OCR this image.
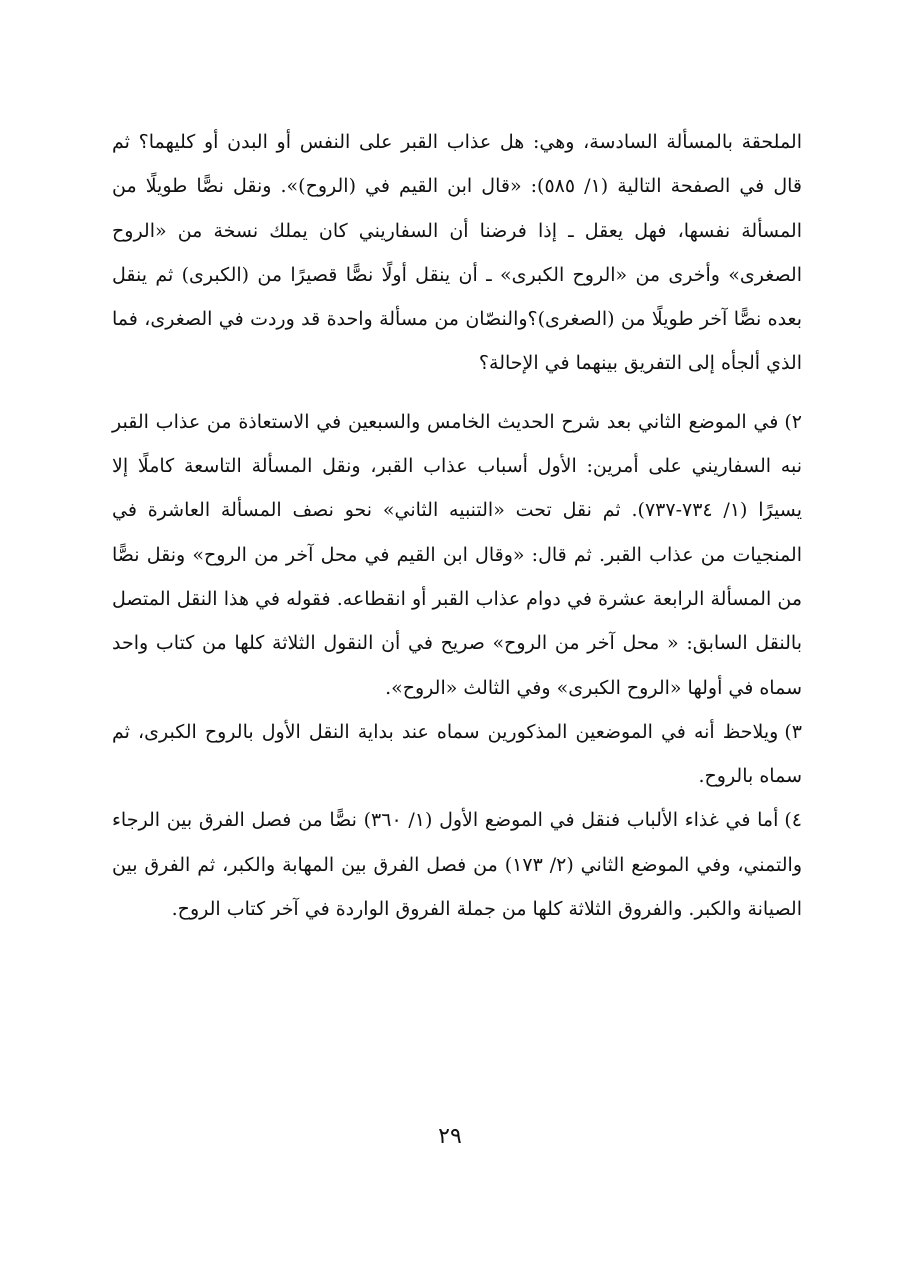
الملحقة بالمسألة السادسة، وهي: هل عذاب القبر على النفس أو البدن أو كليهما؟ ثم قال في الصفحة التالية (١/ ٥٨٥): «قال ابن القيم في (الروح)». ونقل نصًّا طويلًا من المسألة نفسها، فهل يعقل ـ إذا فرضنا أن السفاريني كان يملك نسخة من «الروح الصغرى» وأخرى من «الروح الكبرى» ـ أن ينقل أولًا نصًّا قصيرًا من (الكبرى) ثم ينقل بعده نصًّا آخر طويلًا من (الصغرى)؟والنصّان من مسألة واحدة قد وردت في الصغرى، فما الذي ألجأه إلى التفريق بينهما في الإحالة؟

٢)في الموضع الثاني بعد شرح الحديث الخامس والسبعين في الاستعاذة من عذاب القبر نبه السفاريني على أمرين: الأول أسباب عذاب القبر، ونقل المسألة التاسعة كاملًا إلا يسيرًا (١/ ٧٣٤-٧٣٧). ثم نقل تحت «التنبيه الثاني» نحو نصف المسألة العاشرة في المنجيات من عذاب القبر. ثم قال: «وقال ابن القيم في محل آخر من الروح» ونقل نصًّا من المسألة الرابعة عشرة في دوام عذاب القبر أو انقطاعه. فقوله في هذا النقل المتصل بالنقل السابق: « محل آخر من الروح» صريح في أن النقول الثلاثة كلها من كتاب واحد سماه في أولها «الروح الكبرى» وفي الثالث «الروح».

٣)ويلاحظ أنه في الموضعين المذكورين سماه عند بداية النقل الأول بالروح الكبرى، ثم سماه بالروح.

٤)أما في غذاء الألباب فنقل في الموضع الأول (١/ ٣٦٠) نصًّا من فصل الفرق بين الرجاء والتمني، وفي الموضع الثاني (٢/ ١٧٣) من فصل الفرق بين المهابة والكبر، ثم الفرق بين الصيانة والكبر. والفروق الثلاثة كلها من جملة الفروق الواردة في آخر كتاب الروح.

٢٩
